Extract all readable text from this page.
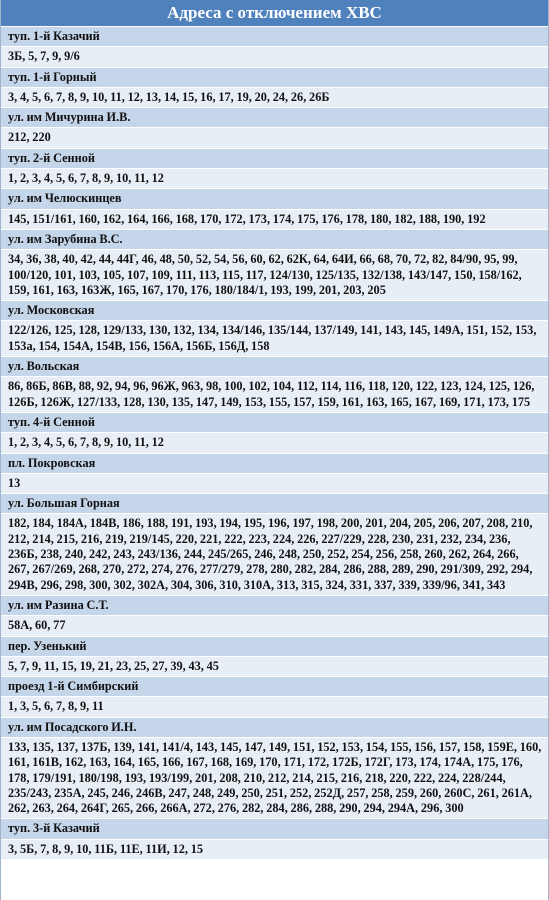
Адреса с отключением ХВС
туп. 1-й Казачий
3Б, 5, 7, 9, 9/6
туп. 1-й Горный
3, 4, 5, 6, 7, 8, 9, 10, 11, 12, 13, 14, 15, 16, 17, 19, 20, 24, 26, 26Б
ул. им Мичурина И.В.
212, 220
туп. 2-й Сенной
1, 2, 3, 4, 5, 6, 7, 8, 9, 10, 11, 12
ул. им Челюскинцев
145, 151/161, 160, 162, 164, 166, 168, 170, 172, 173, 174, 175, 176, 178, 180, 182, 188, 190, 192
ул. им Зарубина В.С.
34, 36, 38, 40, 42, 44, 44Г, 46, 48, 50, 52, 54, 56, 60, 62, 62К, 64, 64И, 66, 68, 70, 72, 82, 84/90, 95, 99, 100/120, 101, 103, 105, 107, 109, 111, 113, 115, 117, 124/130, 125/135, 132/138, 143/147, 150, 158/162, 159, 161, 163, 163Ж, 165, 167, 170, 176, 180/184/1, 193, 199, 201, 203, 205
ул. Московская
122/126, 125, 128, 129/133, 130, 132, 134, 134/146, 135/144, 137/149, 141, 143, 145, 149А, 151, 152, 153, 153а, 154, 154А, 154В, 156, 156А, 156Б, 156Д, 158
ул. Вольская
86, 86Б, 86В, 88, 92, 94, 96, 96Ж, 963, 98, 100, 102, 104, 112, 114, 116, 118, 120, 122, 123, 124, 125, 126, 126Б, 126Ж, 127/133, 128, 130, 135, 147, 149, 153, 155, 157, 159, 161, 163, 165, 167, 169, 171, 173, 175
туп. 4-й Сенной
1, 2, 3, 4, 5, 6, 7, 8, 9, 10, 11, 12
пл. Покровская
13
ул. Большая Горная
182, 184, 184А, 184В, 186, 188, 191, 193, 194, 195, 196, 197, 198, 200, 201, 204, 205, 206, 207, 208, 210, 212, 214, 215, 216, 219, 219/145, 220, 221, 222, 223, 224, 226, 227/229, 228, 230, 231, 232, 234, 236, 236Б, 238, 240, 242, 243, 243/136, 244, 245/265, 246, 248, 250, 252, 254, 256, 258, 260, 262, 264, 266, 267, 267/269, 268, 270, 272, 274, 276, 277/279, 278, 280, 282, 284, 286, 288, 289, 290, 291/309, 292, 294, 294В, 296, 298, 300, 302, 302А, 304, 306, 310, 310А, 313, 315, 324, 331, 337, 339, 339/96, 341, 343
ул. им Разина С.Т.
58А, 60, 77
пер. Узенький
5, 7, 9, 11, 15, 19, 21, 23, 25, 27, 39, 43, 45
проезд 1-й Симбирский
1, 3, 5, 6, 7, 8, 9, 11
ул. им Посадского И.Н.
133, 135, 137, 137Б, 139, 141, 141/4, 143, 145, 147, 149, 151, 152, 153, 154, 155, 156, 157, 158, 159Е, 160, 161, 161В, 162, 163, 164, 165, 166, 167, 168, 169, 170, 171, 172, 172Б, 172Г, 173, 174, 174А, 175, 176, 178, 179/191, 180/198, 193, 193/199, 201, 208, 210, 212, 214, 215, 216, 218, 220, 222, 224, 228/244, 235/243, 235А, 245, 246, 246В, 247, 248, 249, 250, 251, 252, 252Д, 257, 258, 259, 260, 260С, 261, 261А, 262, 263, 264, 264Г, 265, 266, 266А, 272, 276, 282, 284, 286, 288, 290, 294, 294А, 296, 300
туп. 3-й Казачий
3, 5Б, 7, 8, 9, 10, 11Б, 11Е, 11И, 12, 15
